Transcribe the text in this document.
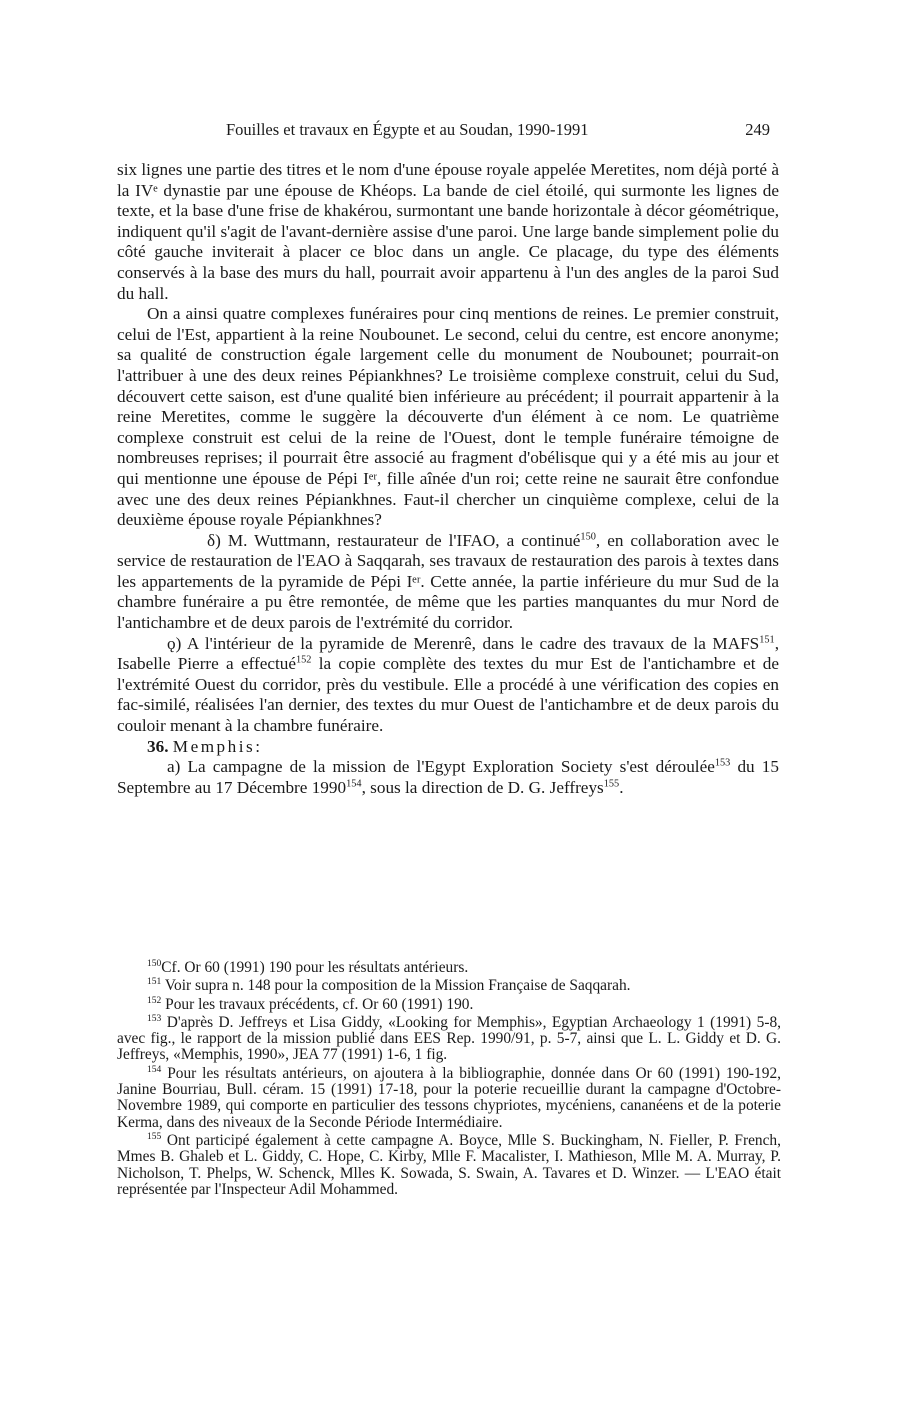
Fouilles et travaux en Égypte et au Soudan, 1990-1991	249

six lignes une partie des titres et le nom d'une épouse royale appelée Meretites, nom déjà porté à la IVᵉ dynastie par une épouse de Khéops. La bande de ciel étoilé, qui surmonte les lignes de texte, et la base d'une frise de khakérou, surmontant une bande horizontale à décor géométrique, indiquent qu'il s'agit de l'avant-dernière assise d'une paroi. Une large bande simplement polie du côté gauche inviterait à placer ce bloc dans un angle. Ce placage, du type des éléments conservés à la base des murs du hall, pourrait avoir appartenu à l'un des angles de la paroi Sud du hall.

On a ainsi quatre complexes funéraires pour cinq mentions de reines. Le premier construit, celui de l'Est, appartient à la reine Noubounet. Le second, celui du centre, est encore anonyme; sa qualité de construction égale largement celle du monument de Noubounet; pourrait-on l'attribuer à une des deux reines Pépiankhnes? Le troisième complexe construit, celui du Sud, découvert cette saison, est d'une qualité bien inférieure au précédent; il pourrait appartenir à la reine Meretites, comme le suggère la découverte d'un élément à ce nom. Le quatrième complexe construit est celui de la reine de l'Ouest, dont le temple funéraire témoigne de nombreuses reprises; il pourrait être associé au fragment d'obélisque qui y a été mis au jour et qui mentionne une épouse de Pépi Iᵉʳ, fille aînée d'un roi; cette reine ne saurait être confondue avec une des deux reines Pépiankhnes. Faut-il chercher un cinquième complexe, celui de la deuxième épouse royale Pépiankhnes?

δ) M. Wuttmann, restaurateur de l'IFAO, a continué$^{150}$, en collaboration avec le service de restauration de l'EAO à Saqqarah, ses travaux de restauration des parois à textes dans les appartements de la pyramide de Pépi Iᵉʳ. Cette année, la partie inférieure du mur Sud de la chambre funéraire a pu être remontée, de même que les parties manquantes du mur Nord de l'antichambre et de deux parois de l'extrémité du corridor.

ǫ) A l'intérieur de la pyramide de Merenrê, dans le cadre des travaux de la MAFS$^{151}$, Isabelle Pierre a effectué$^{152}$ la copie complète des textes du mur Est de l'antichambre et de l'extrémité Ouest du corridor, près du vestibule. Elle a procédé à une vérification des copies en fac-similé, réalisées l'an dernier, des textes du mur Ouest de l'antichambre et de deux parois du couloir menant à la chambre funéraire.

36. Memphis:

a) La campagne de la mission de l'Egypt Exploration Society s'est déroulée$^{153}$ du 15 Septembre au 17 Décembre 1990$^{154}$, sous la direction de D. G. Jeffreys$^{155}$.

$^{150}$Cf. Or 60 (1991) 190 pour les résultats antérieurs.

$^{151}$ Voir supra n. 148 pour la composition de la Mission Française de Saqqarah.

$^{152}$ Pour les travaux précédents, cf. Or 60 (1991) 190.

$^{153}$ D'après D. Jeffreys et Lisa Giddy, «Looking for Memphis», Egyptian Archaeology 1 (1991) 5-8, avec fig., le rapport de la mission publié dans EES Rep. 1990/91, p. 5-7, ainsi que L. L. Giddy et D. G. Jeffreys, «Memphis, 1990», JEA 77 (1991) 1-6, 1 fig.

$^{154}$ Pour les résultats antérieurs, on ajoutera à la bibliographie, donnée dans Or 60 (1991) 190-192, Janine Bourriau, Bull. céram. 15 (1991) 17-18, pour la poterie recueillie durant la campagne d'Octobre-Novembre 1989, qui comporte en particulier des tessons chypriotes, mycéniens, cananéens et de la poterie Kerma, dans des niveaux de la Seconde Période Intermédiaire.

$^{155}$ Ont participé également à cette campagne A. Boyce, Mlle S. Buckingham, N. Fieller, P. French, Mmes B. Ghaleb et L. Giddy, C. Hope, C. Kirby, Mlle F. Macalister, I. Mathieson, Mlle M. A. Murray, P. Nicholson, T. Phelps, W. Schenck, Mlles K. Sowada, S. Swain, A. Tavares et D. Winzer. — L'EAO était représentée par l'Inspecteur Adil Mohammed.
